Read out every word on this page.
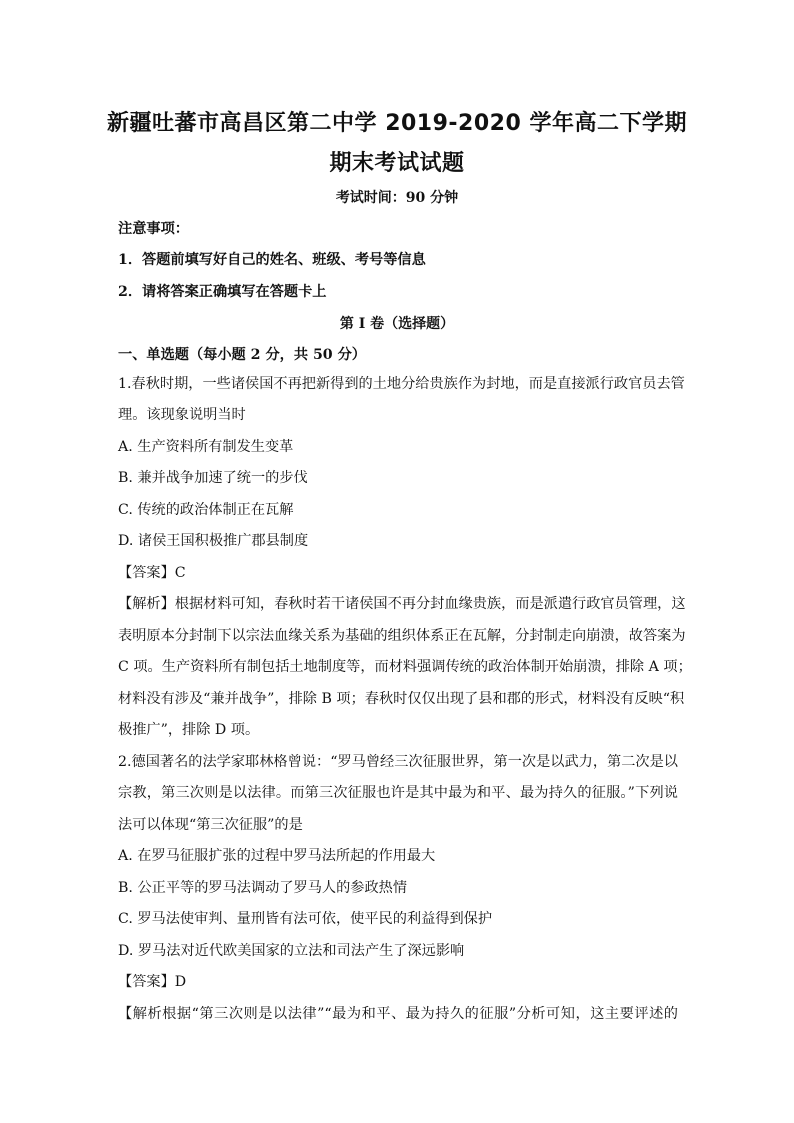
新疆吐蕃市高昌区第二中学 2019-2020 学年高二下学期
期末考试试题
考试时间：90 分钟
注意事项：
1．答题前填写好自己的姓名、班级、考号等信息
2．请将答案正确填写在答题卡上
第 I 卷（选择题）
一、单选题（每小题 2 分，共 50 分）
1.春秋时期，一些诸侯国不再把新得到的土地分给贵族作为封地，而是直接派行政官员去管
理。该现象说明当时
A. 生产资料所有制发生变革
B. 兼并战争加速了统一的步伐
C. 传统的政治体制正在瓦解
D. 诸侯王国积极推广郡县制度
【答案】C
【解析】根据材料可知，春秋时若干诸侯国不再分封血缘贵族，而是派遣行政官员管理，这
表明原本分封制下以宗法血缘关系为基础的组织体系正在瓦解，分封制走向崩溃，故答案为
C 项。生产资料所有制包括土地制度等，而材料强调传统的政治体制开始崩溃，排除 A 项；
材料没有涉及“兼并战争”，排除 B 项；春秋时仅仅出现了县和郡的形式，材料没有反映“积
极推广”，排除 D 项。
2.德国著名的法学家耶林格曾说：“罗马曾经三次征服世界，第一次是以武力，第二次是以
宗教，第三次则是以法律。而第三次征服也许是其中最为和平、最为持久的征服。”下列说
法可以体现“第三次征服”的是
A. 在罗马征服扩张的过程中罗马法所起的作用最大
B. 公正平等的罗马法调动了罗马人的参政热情
C. 罗马法使审判、量刑皆有法可依，使平民的利益得到保护
D. 罗马法对近代欧美国家的立法和司法产生了深远影响
【答案】D
【解析根据“第三次则是以法律”“最为和平、最为持久的征服”分析可知，这主要评述的
